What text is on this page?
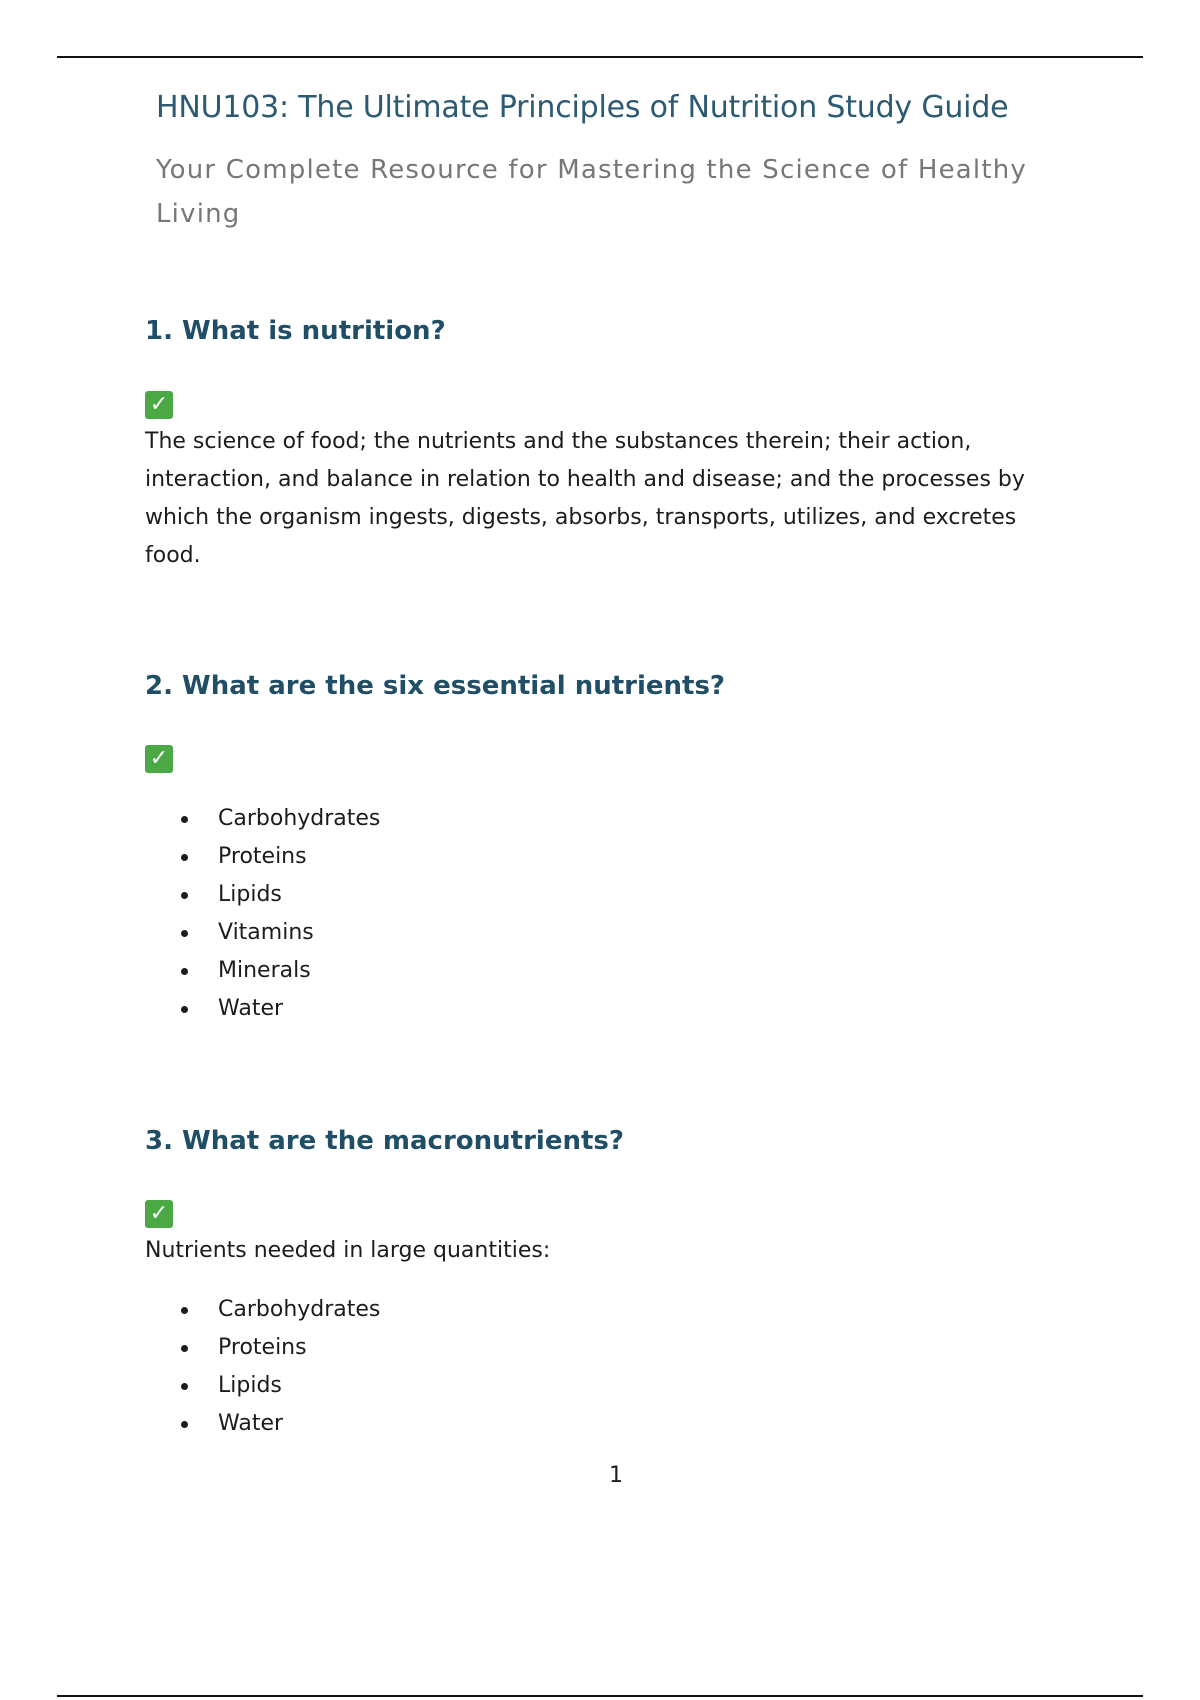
HNU103: The Ultimate Principles of Nutrition Study Guide

Your Complete Resource for Mastering the Science of Healthy Living

1. What is nutrition?
✓

The science of food; the nutrients and the substances therein; their action, interaction, and balance in relation to health and disease; and the processes by which the organism ingests, digests, absorbs, transports, utilizes, and excretes food.

2. What are the six essential nutrients?
✓
Carbohydrates
Proteins
Lipids
Vitamins
Minerals
Water
3. What are the macronutrients?
✓

Nutrients needed in large quantities:

Carbohydrates
Proteins
Lipids
Water
1
